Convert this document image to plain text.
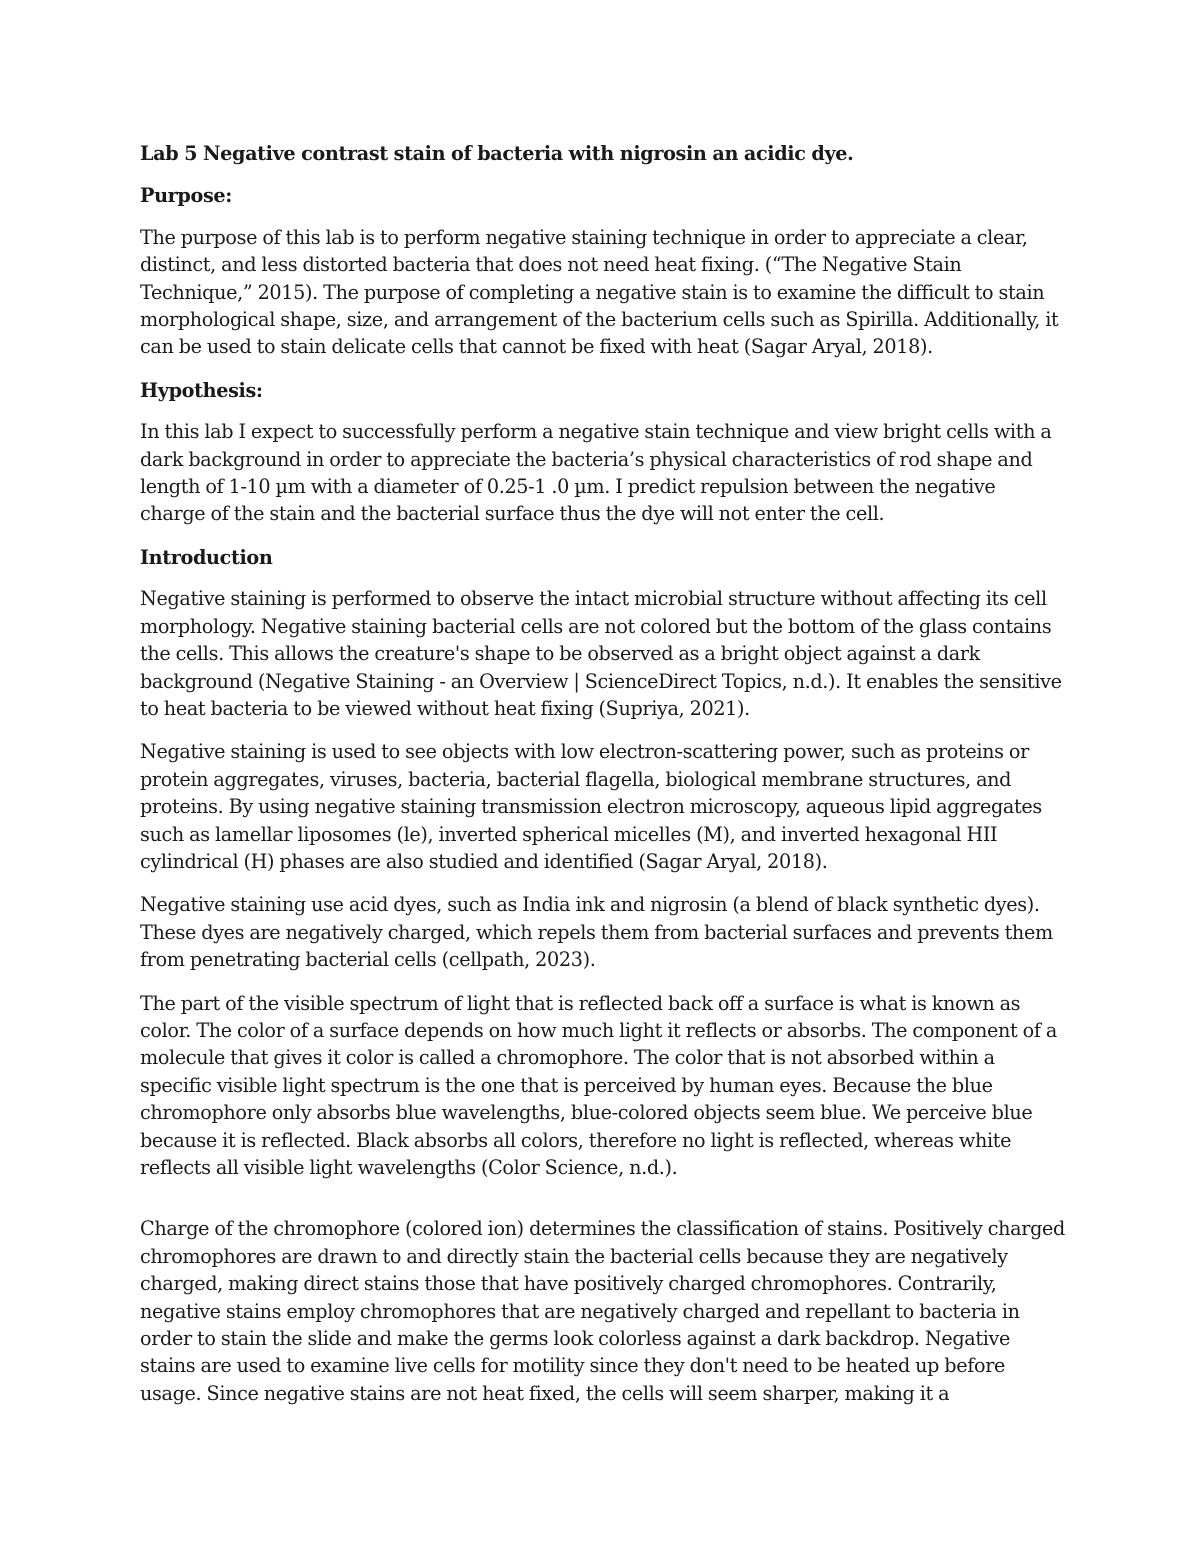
Lab 5 Negative contrast stain of bacteria with nigrosin an acidic dye.
Purpose:

The purpose of this lab is to perform negative staining technique in order to appreciate a clear, distinct, and less distorted bacteria that does not need heat fixing. (“The Negative Stain Technique,” 2015). The purpose of completing a negative stain is to examine the difficult to stain morphological shape, size, and arrangement of the bacterium cells such as Spirilla. Additionally, it can be used to stain delicate cells that cannot be fixed with heat (Sagar Aryal, 2018).

Hypothesis:

In this lab I expect to successfully perform a negative stain technique and view bright cells with a dark background in order to appreciate the bacteria’s physical characteristics of rod shape and length of 1-10 µm with a diameter of 0.25-1 .0 µm. I predict repulsion between the negative charge of the stain and the bacterial surface thus the dye will not enter the cell.

Introduction

Negative staining is performed to observe the intact microbial structure without affecting its cell morphology. Negative staining bacterial cells are not colored but the bottom of the glass contains the cells. This allows the creature's shape to be observed as a bright object against a dark background (Negative Staining - an Overview | ScienceDirect Topics, n.d.). It enables the sensitive to heat bacteria to be viewed without heat fixing (Supriya, 2021).

Negative staining is used to see objects with low electron-scattering power, such as proteins or protein aggregates, viruses, bacteria, bacterial flagella, biological membrane structures, and proteins. By using negative staining transmission electron microscopy, aqueous lipid aggregates such as lamellar liposomes (le), inverted spherical micelles (M), and inverted hexagonal HII cylindrical (H) phases are also studied and identified (Sagar Aryal, 2018).

Negative staining use acid dyes, such as India ink and nigrosin (a blend of black synthetic dyes). These dyes are negatively charged, which repels them from bacterial surfaces and prevents them from penetrating bacterial cells (cellpath, 2023).

The part of the visible spectrum of light that is reflected back off a surface is what is known as color. The color of a surface depends on how much light it reflects or absorbs. The component of a molecule that gives it color is called a chromophore. The color that is not absorbed within a specific visible light spectrum is the one that is perceived by human eyes. Because the blue chromophore only absorbs blue wavelengths, blue-colored objects seem blue. We perceive blue because it is reflected. Black absorbs all colors, therefore no light is reflected, whereas white reflects all visible light wavelengths (Color Science, n.d.).

Charge of the chromophore (colored ion) determines the classification of stains. Positively charged chromophores are drawn to and directly stain the bacterial cells because they are negatively charged, making direct stains those that have positively charged chromophores. Contrarily, negative stains employ chromophores that are negatively charged and repellant to bacteria in order to stain the slide and make the germs look colorless against a dark backdrop. Negative stains are used to examine live cells for motility since they don't need to be heated up before usage. Since negative stains are not heat fixed, the cells will seem sharper, making it a
